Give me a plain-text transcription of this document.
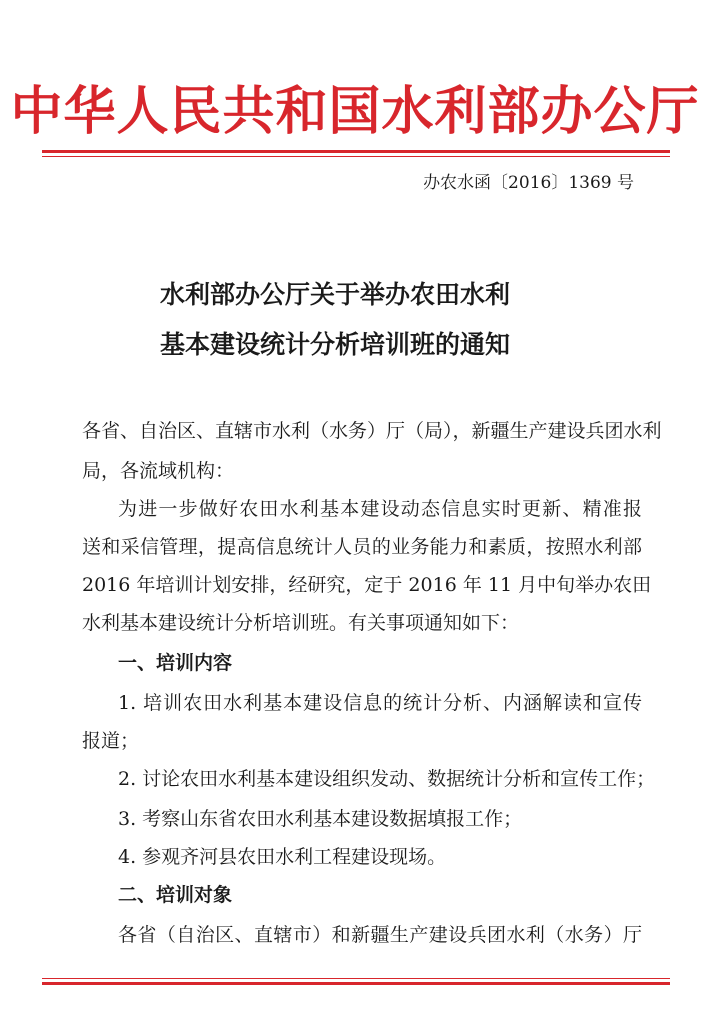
中华人民共和国水利部办公厅
办农水函〔2016〕1369 号
水利部办公厅关于举办农田水利
基本建设统计分析培训班的通知
各省、自治区、直辖市水利（水务）厅（局），新疆生产建设兵团水利
局，各流域机构：
为进一步做好农田水利基本建设动态信息实时更新、精准报
送和采信管理，提高信息统计人员的业务能力和素质，按照水利部
2016 年培训计划安排，经研究，定于 2016 年 11 月中旬举办农田
水利基本建设统计分析培训班。有关事项通知如下：
一、培训内容
1. 培训农田水利基本建设信息的统计分析、内涵解读和宣传
报道；
2. 讨论农田水利基本建设组织发动、数据统计分析和宣传工作；
3. 考察山东省农田水利基本建设数据填报工作；
4. 参观齐河县农田水利工程建设现场。
二、培训对象
各省（自治区、直辖市）和新疆生产建设兵团水利（水务）厅
